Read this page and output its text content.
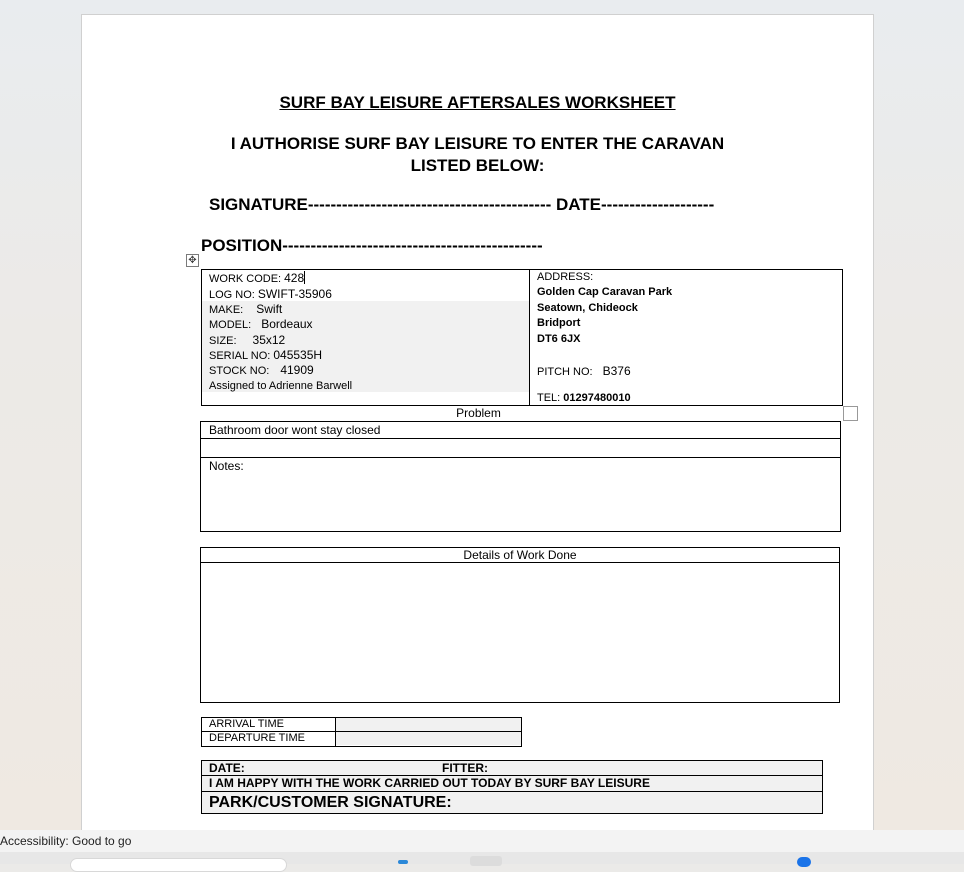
SURF BAY LEISURE AFTERSALES WORKSHEET
I AUTHORISE SURF BAY LEISURE TO ENTER THE CARAVAN
LISTED BELOW:
SIGNATURE------------------------------------------- DATE--------------------
POSITION----------------------------------------------
✥
WORK CODE: 428
LOG NO: SWIFT-35906
MAKE: Swift
MODEL: Bordeaux
SIZE: 35x12
SERIAL NO: 045535H
STOCK NO: 41909
Assigned to Adrienne Barwell
ADDRESS:
Golden Cap Caravan Park
Seatown, Chideock
Bridport
DT6 6JX
PITCH NO: B376
TEL: 01297480010
Problem
Bathroom door wont stay closed
Notes:
Details of Work Done
ARRIVAL TIME
DEPARTURE TIME
DATE:	FITTER:
I AM HAPPY WITH THE WORK CARRIED OUT TODAY BY SURF BAY LEISURE
PARK/CUSTOMER SIGNATURE:
Accessibility: Good to go
